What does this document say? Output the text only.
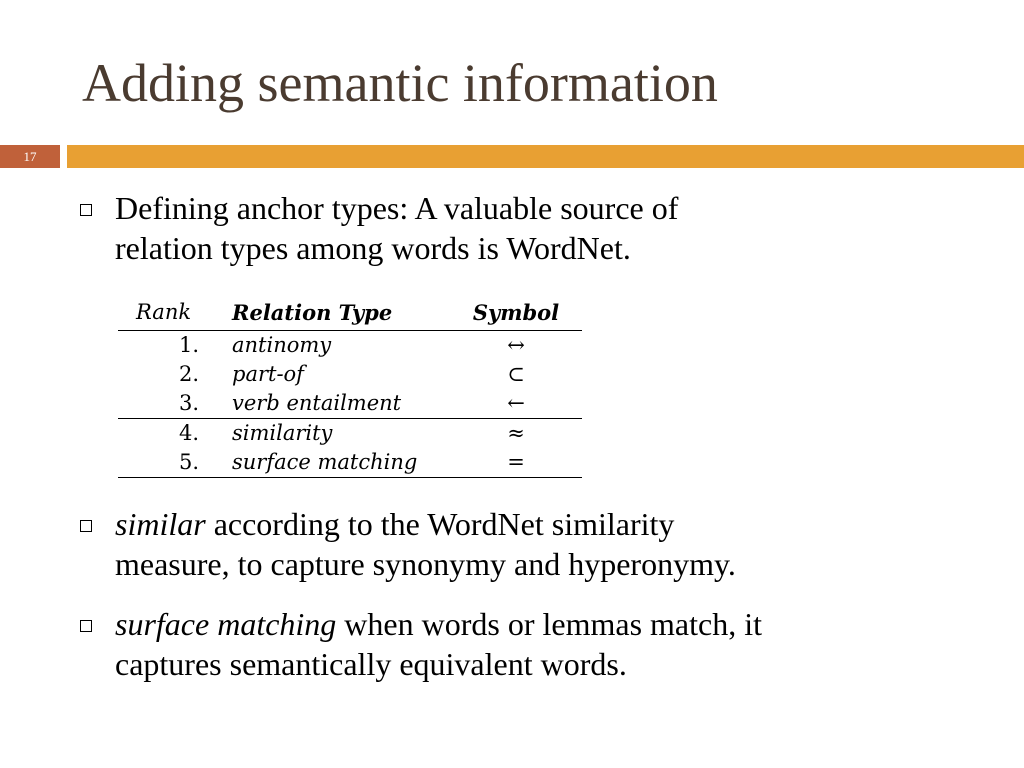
Adding semantic information
17
Defining anchor types: A valuable source of
relation types among words is WordNet.
Rank	Relation Type	Symbol
1. antinomy	↔
2. part-of	⊂
3. verb entailment	←
4. similarity	≈
5. surface matching	=
similar according to the WordNet similarity
measure, to capture synonymy and hyperonymy.
surface matching when words or lemmas match, it
captures semantically equivalent words.
